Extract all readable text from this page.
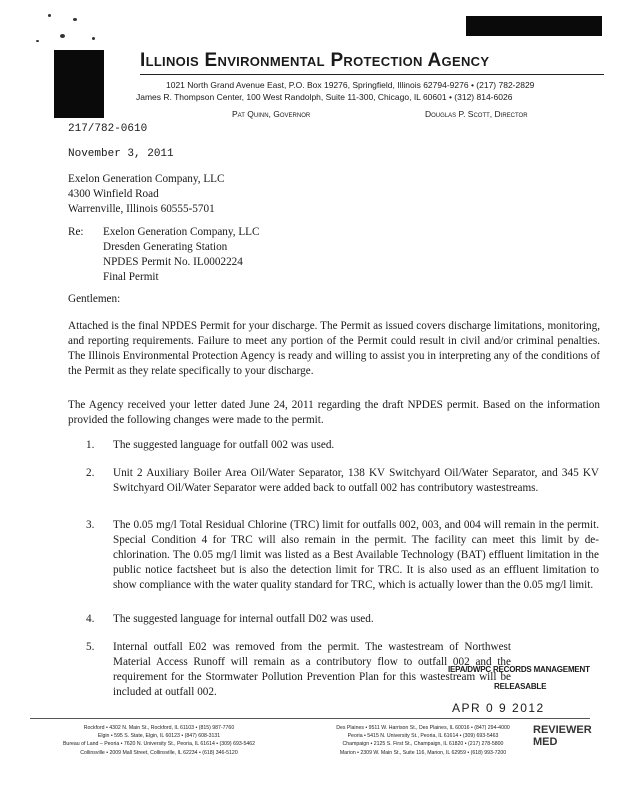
Illinois Environmental Protection Agency
1021 North Grand Avenue East, P.O. Box 19276, Springfield, Illinois 62794-9276 • (217) 782-2829
James R. Thompson Center, 100 West Randolph, Suite 11-300, Chicago, IL 60601 • (312) 814-6026
Pat Quinn, Governor	Douglas P. Scott, Director
217/782-0610
November 3, 2011
Exelon Generation Company, LLC
4300 Winfield Road
Warrenville, Illinois 60555-5701
Re: Exelon Generation Company, LLC
Dresden Generating Station
NPDES Permit No. IL0002224
Final Permit
Gentlemen:
Attached is the final NPDES Permit for your discharge. The Permit as issued covers discharge limitations, monitoring, and reporting requirements. Failure to meet any portion of the Permit could result in civil and/or criminal penalties. The Illinois Environmental Protection Agency is ready and willing to assist you in interpreting any of the conditions of the Permit as they relate specifically to your discharge.
The Agency received your letter dated June 24, 2011 regarding the draft NPDES permit. Based on the information provided the following changes were made to the permit.
1. The suggested language for outfall 002 was used.
2. Unit 2 Auxiliary Boiler Area Oil/Water Separator, 138 KV Switchyard Oil/Water Separator, and 345 KV Switchyard Oil/Water Separator were added back to outfall 002 has contributory wastestreams.
3. The 0.05 mg/l Total Residual Chlorine (TRC) limit for outfalls 002, 003, and 004 will remain in the permit. Special Condition 4 for TRC will also remain in the permit. The facility can meet this limit by de-chlorination. The 0.05 mg/l limit was listed as a Best Available Technology (BAT) effluent limitation in the public notice factsheet but is also the detection limit for TRC. It is also used as an effluent limitation to show compliance with the water quality standard for TRC, which is actually lower than the 0.05 mg/l limit.
4. The suggested language for internal outfall D02 was used.
5. Internal outfall E02 was removed from the permit. The wastestream of Northwest Material Access Runoff will remain as a contributory flow to outfall 002 and the requirement for the Stormwater Pollution Prevention Plan for this wastestream will be included at outfall 002.
IEPA/DWPC RECORDS MANAGEMENT
RELEASABLE
APR 0 9 2012
REVIEWER MED
Rockford • 4302 N. Main St., Rockford, IL 61103 • (815) 987-7760
Elgin • 595 S. State, Elgin, IL 60123 • (847) 608-3131
Bureau of Land – Peoria • 7620 N. University St., Peoria, IL 61614 • (309) 693-5462
Collinsville • 2009 Mall Street, Collinsville, IL 62234 • (618) 346-5120
Des Plaines • 9511 W. Harrison St., Des Plaines, IL 60016 • (847) 294-4000
Peoria • 5415 N. University St., Peoria, IL 61614 • (309) 693-5463
Champaign • 2125 S. First St., Champaign, IL 61820 • (217) 278-5800
Marion • 2309 W. Main St., Suite 116, Marion, IL 62959 • (618) 993-7200
